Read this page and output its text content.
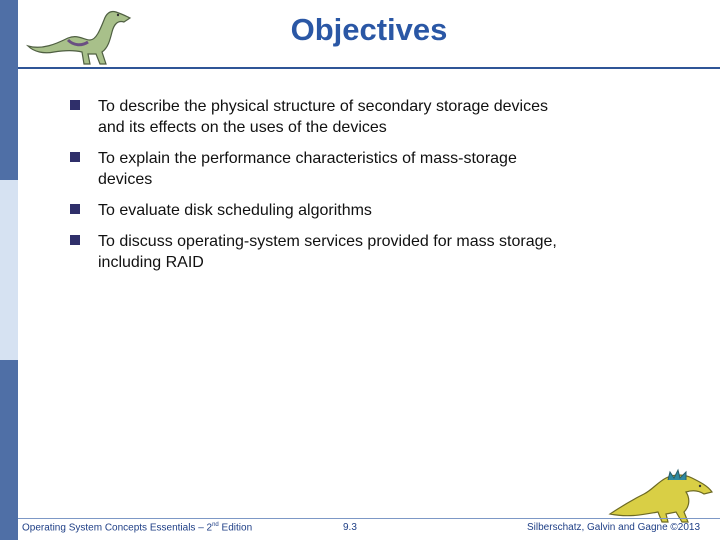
Objectives
To describe the physical structure of secondary storage devices
and its effects on the uses of the devices
To explain the performance characteristics of mass-storage
devices
To evaluate disk scheduling algorithms
To discuss operating-system services provided for mass storage,
including RAID
Operating System Concepts Essentials – 2nd Edition	9.3	Silberschatz, Galvin and Gagne ©2013
